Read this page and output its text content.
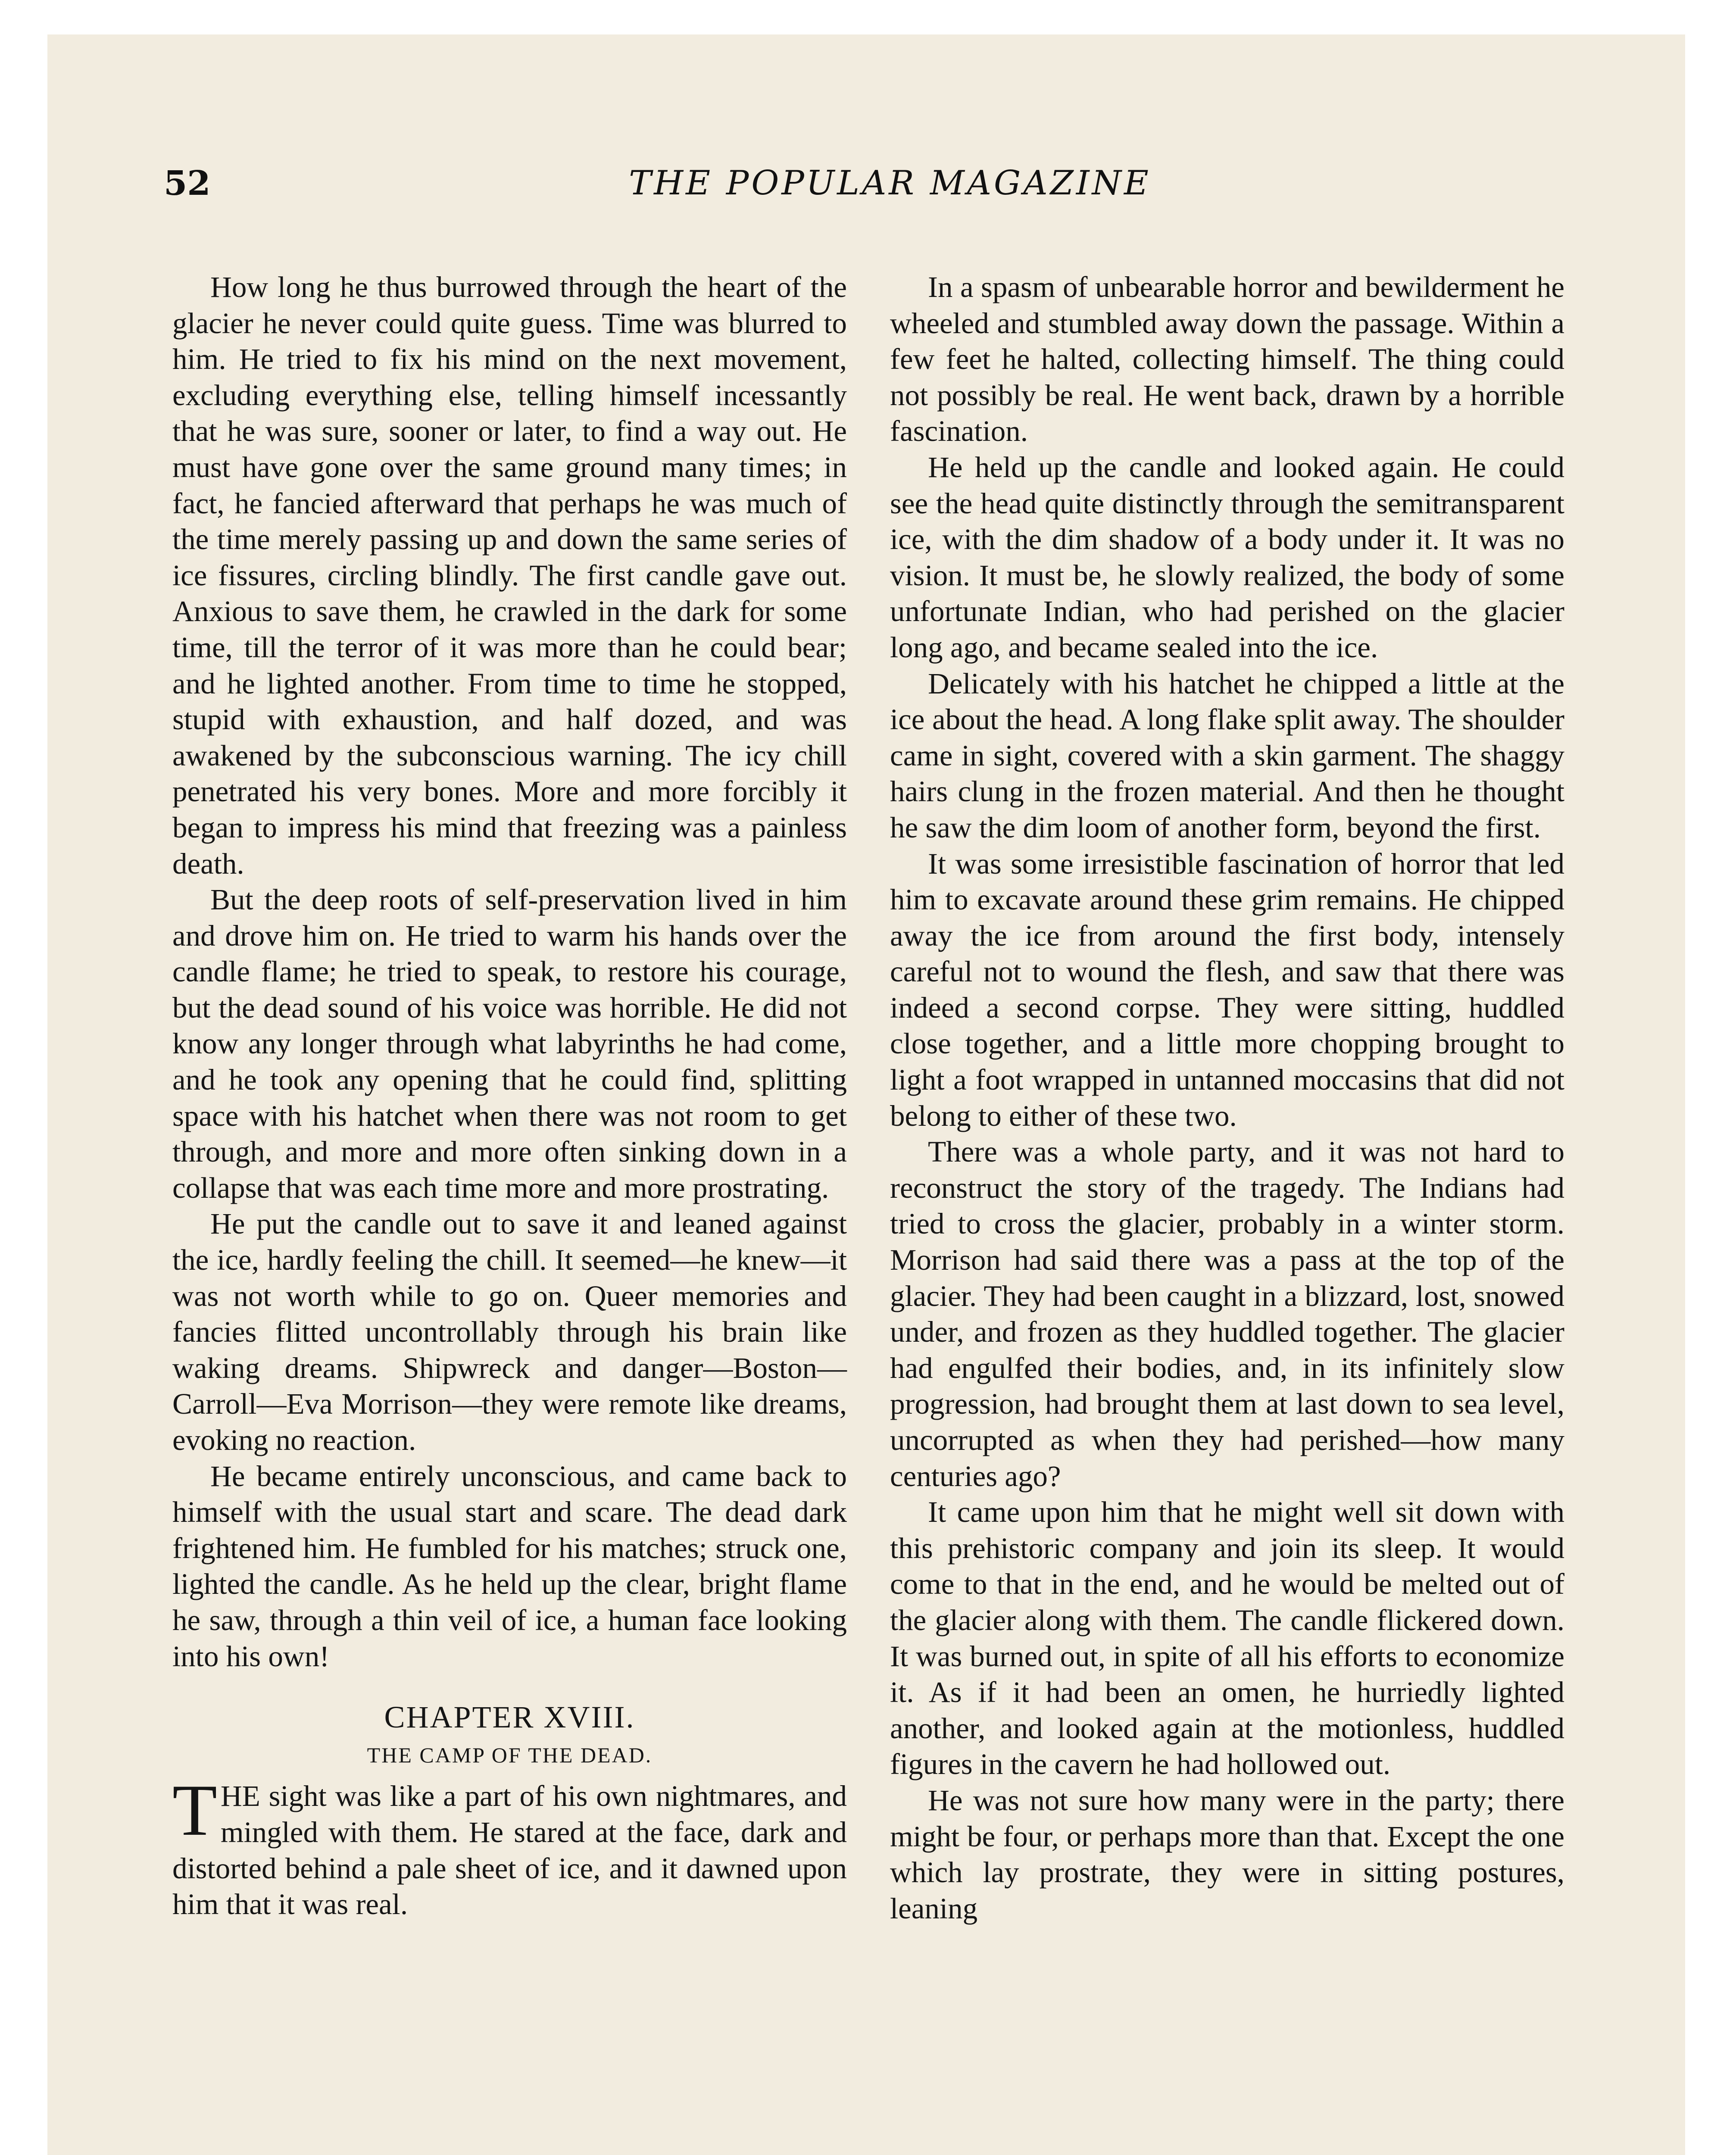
52	THE POPULAR MAGAZINE

How long he thus burrowed through the heart of the glacier he never could quite guess. Time was blurred to him. He tried to fix his mind on the next movement, excluding everything else, telling himself incessantly that he was sure, sooner or later, to find a way out. He must have gone over the same ground many times; in fact, he fancied afterward that perhaps he was much of the time merely passing up and down the same series of ice fissures, circling blindly. The first candle gave out. Anxious to save them, he crawled in the dark for some time, till the terror of it was more than he could bear; and he lighted another. From time to time he stopped, stupid with exhaustion, and half dozed, and was awakened by the subconscious warning. The icy chill penetrated his very bones. More and more forcibly it began to impress his mind that freezing was a painless death.

But the deep roots of self-preservation lived in him and drove him on. He tried to warm his hands over the candle flame; he tried to speak, to restore his courage, but the dead sound of his voice was horrible. He did not know any longer through what labyrinths he had come, and he took any opening that he could find, splitting space with his hatchet when there was not room to get through, and more and more often sinking down in a collapse that was each time more and more prostrating.

He put the candle out to save it and leaned against the ice, hardly feeling the chill. It seemed—he knew—it was not worth while to go on. Queer memories and fancies flitted uncontrollably through his brain like waking dreams. Shipwreck and danger—Boston—Carroll—Eva Morrison—they were remote like dreams, evoking no reaction.

He became entirely unconscious, and came back to himself with the usual start and scare. The dead dark frightened him. He fumbled for his matches; struck one, lighted the candle. As he held up the clear, bright flame he saw, through a thin veil of ice, a human face looking into his own!

CHAPTER XVIII.
THE CAMP OF THE DEAD.

THE sight was like a part of his own nightmares, and mingled with them. He stared at the face, dark and distorted behind a pale sheet of ice, and it dawned upon him that it was real.

In a spasm of unbearable horror and bewilderment he wheeled and stumbled away down the passage. Within a few feet he halted, collecting himself. The thing could not possibly be real. He went back, drawn by a horrible fascination.

He held up the candle and looked again. He could see the head quite distinctly through the semitransparent ice, with the dim shadow of a body under it. It was no vision. It must be, he slowly realized, the body of some unfortunate Indian, who had perished on the glacier long ago, and became sealed into the ice.

Delicately with his hatchet he chipped a little at the ice about the head. A long flake split away. The shoulder came in sight, covered with a skin garment. The shaggy hairs clung in the frozen material. And then he thought he saw the dim loom of another form, beyond the first.

It was some irresistible fascination of horror that led him to excavate around these grim remains. He chipped away the ice from around the first body, intensely careful not to wound the flesh, and saw that there was indeed a second corpse. They were sitting, huddled close together, and a little more chopping brought to light a foot wrapped in untanned moccasins that did not belong to either of these two.

There was a whole party, and it was not hard to reconstruct the story of the tragedy. The Indians had tried to cross the glacier, probably in a winter storm. Morrison had said there was a pass at the top of the glacier. They had been caught in a blizzard, lost, snowed under, and frozen as they huddled together. The glacier had engulfed their bodies, and, in its infinitely slow progression, had brought them at last down to sea level, uncorrupted as when they had perished—how many centuries ago?

It came upon him that he might well sit down with this prehistoric company and join its sleep. It would come to that in the end, and he would be melted out of the glacier along with them. The candle flickered down. It was burned out, in spite of all his efforts to economize it. As if it had been an omen, he hurriedly lighted another, and looked again at the motionless, huddled figures in the cavern he had hollowed out.

He was not sure how many were in the party; there might be four, or perhaps more than that. Except the one which lay prostrate, they were in sitting postures, leaning
